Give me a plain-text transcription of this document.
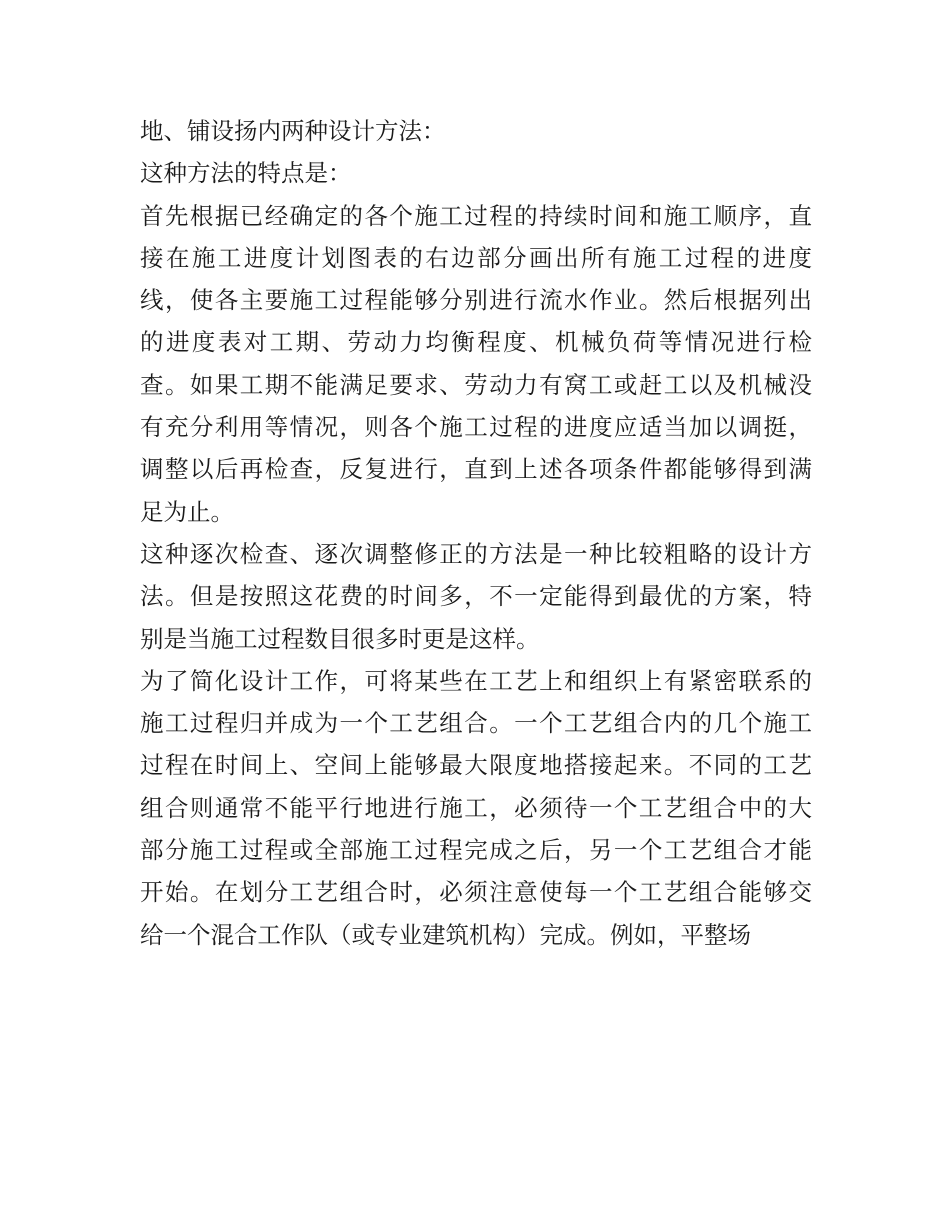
地、铺设扬内两种设计方法：
这种方法的特点是：
首先根据已经确定的各个施工过程的持续时间和施工顺序，直
接在施工进度计划图表的右边部分画出所有施工过程的进度
线，使各主要施工过程能够分别进行流水作业。然后根据列出
的进度表对工期、劳动力均衡程度、机械负荷等情况进行检
查。如果工期不能满足要求、劳动力有窝工或赶工以及机械没
有充分利用等情况，则各个施工过程的进度应适当加以调挺，
调整以后再检查，反复进行，直到上述各项条件都能够得到满
足为止。
这种逐次检查、逐次调整修正的方法是一种比较粗略的设计方
法。但是按照这花费的时间多，不一定能得到最优的方案，特
别是当施工过程数目很多时更是这样。
为了简化设计工作，可将某些在工艺上和组织上有紧密联系的
施工过程归并成为一个工艺组合。一个工艺组合内的几个施工
过程在时间上、空间上能够最大限度地搭接起来。不同的工艺
组合则通常不能平行地进行施工，必须待一个工艺组合中的大
部分施工过程或全部施工过程完成之后，另一个工艺组合才能
开始。在划分工艺组合时，必须注意使每一个工艺组合能够交
给一个混合工作队（或专业建筑机构）完成。例如，平整场
